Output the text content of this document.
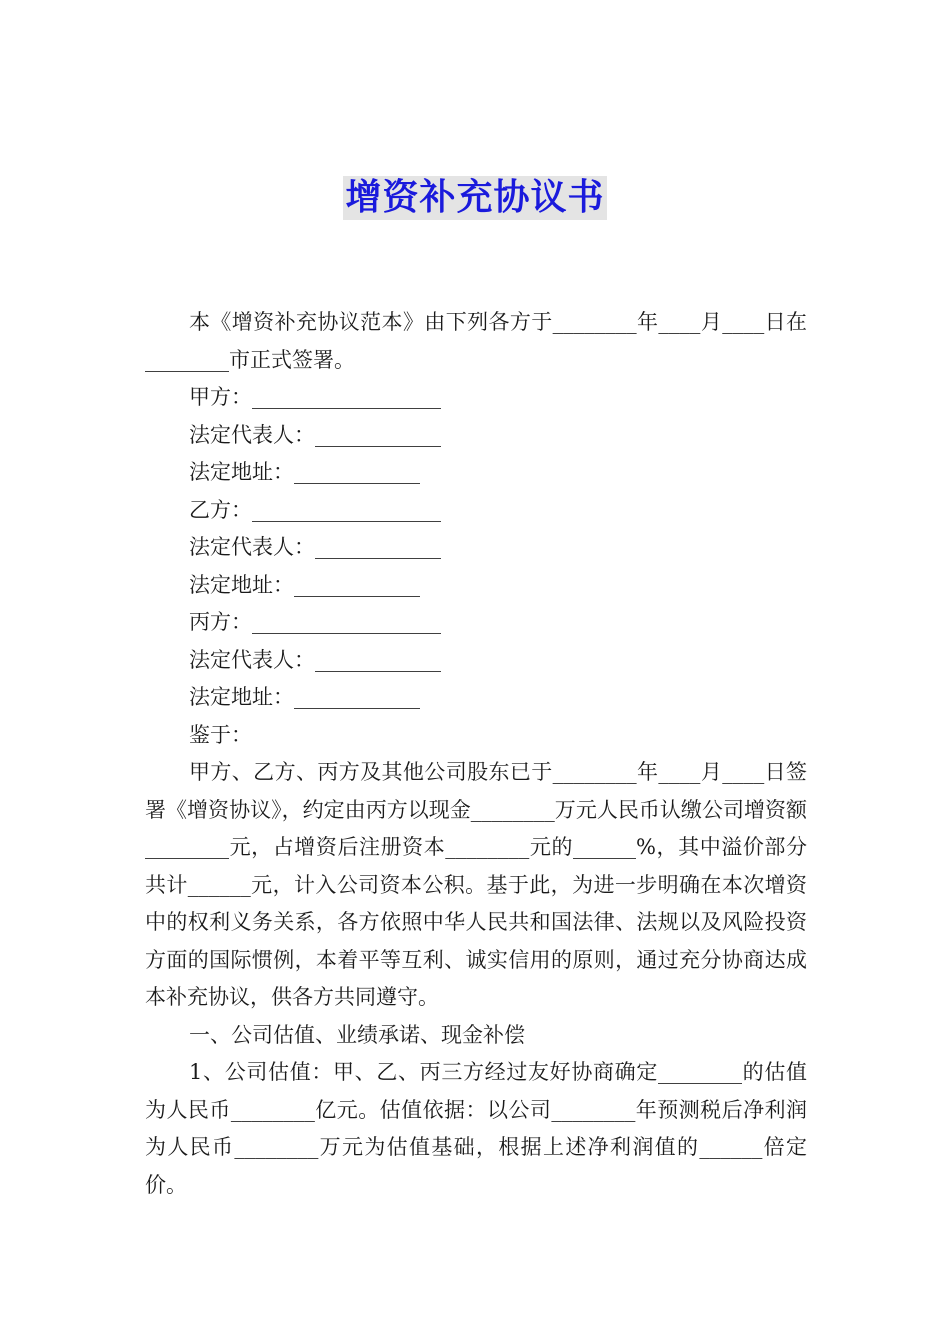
增资补充协议书

本《增资补充协议范本》由下列各方于________年____月____日在________市正式签署。

甲方：__________________

法定代表人：____________

法定地址：____________

乙方：__________________

法定代表人：____________

法定地址：____________

丙方：__________________

法定代表人：____________

法定地址：____________

鉴于：

甲方、乙方、丙方及其他公司股东已于________年____月____日签署《增资协议》，约定由丙方以现金________万元人民币认缴公司增资额________元，占增资后注册资本________元的______%，其中溢价部分共计______元，计入公司资本公积。基于此，为进一步明确在本次增资中的权利义务关系，各方依照中华人民共和国法律、法规以及风险投资方面的国际惯例，本着平等互利、诚实信用的原则，通过充分协商达成本补充协议，供各方共同遵守。

一、公司估值、业绩承诺、现金补偿

1、公司估值：甲、乙、丙三方经过友好协商确定________的估值为人民币________亿元。估值依据：以公司________年预测税后净利润为人民币________万元为估值基础，根据上述净利润值的______倍定价。
